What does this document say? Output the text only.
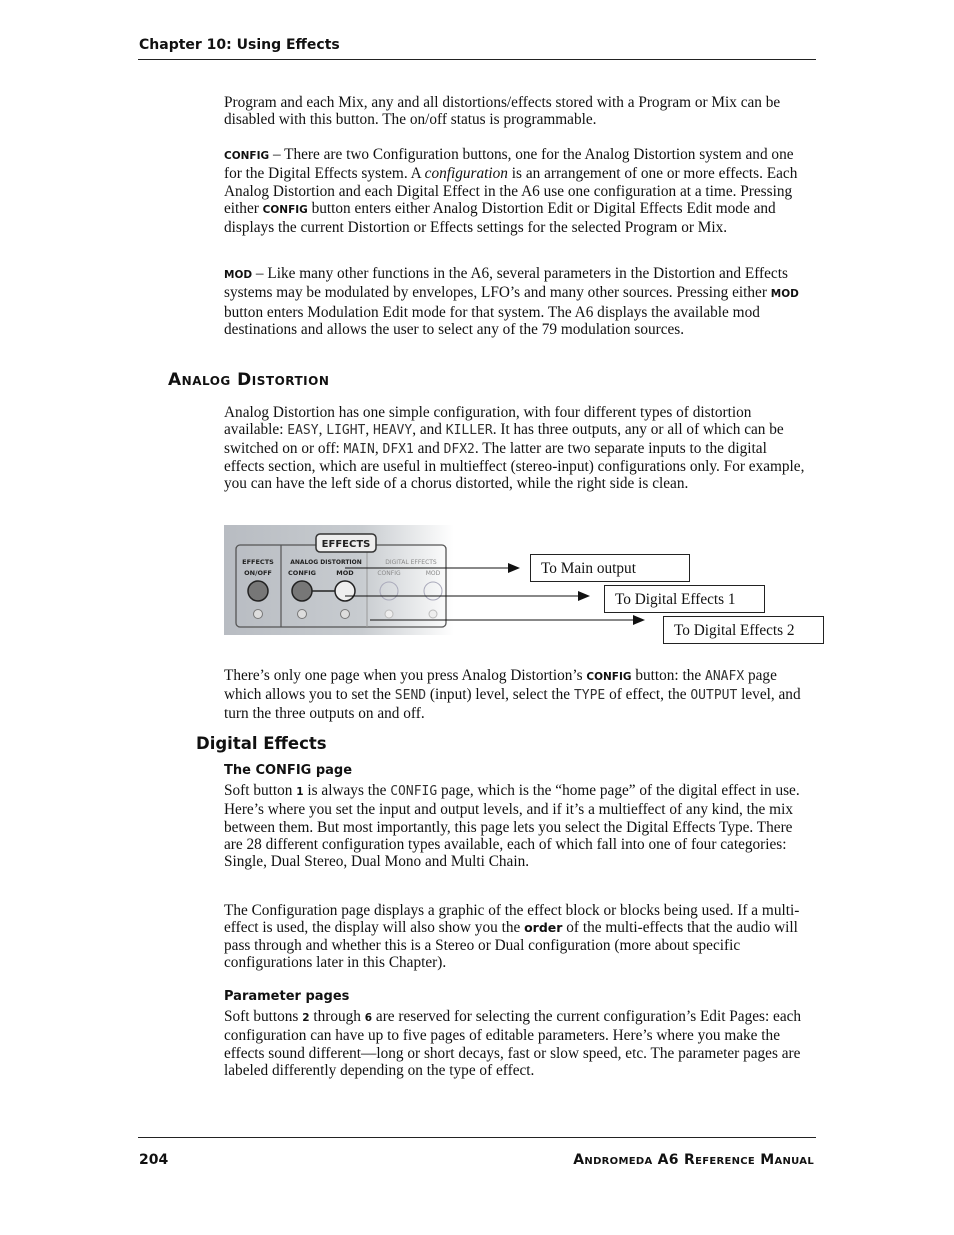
Chapter 10: Using Effects

Program and each Mix, any and all distortions/effects stored with a Program or Mix can be disabled with this button. The on/off status is programmable.

CONFIG – There are two Configuration buttons, one for the Analog Distortion system and one for the Digital Effects system. A configuration is an arrangement of one or more effects. Each Analog Distortion and each Digital Effect in the A6 use one configuration at a time. Pressing either CONFIG button enters either Analog Distortion Edit or Digital Effects Edit mode and displays the current Distortion or Effects settings for the selected Program or Mix.

MOD – Like many other functions in the A6, several parameters in the Distortion and Effects systems may be modulated by envelopes, LFO’s and many other sources. Pressing either MOD button enters Modulation Edit mode for that system. The A6 displays the available mod destinations and allows the user to select any of the 79 modulation sources.

Analog Distortion

Analog Distortion has one simple configuration, with four different types of distortion available: EASY, LIGHT, HEAVY, and KILLER. It has three outputs, any or all of which can be switched on or off: MAIN, DFX1 and DFX2. The latter are two separate inputs to the digital effects section, which are useful in multieffect (stereo-input) configurations only. For example, you can have the left side of a chorus distorted, while the right side is clean.

EFFECTS
EFFECTS
ON/OFF
ANALOG DISTORTION
CONFIG	MOD
DIGITAL EFFECTS
CONFIG	MOD	To Main output
To Digital Effects 1
To Digital Effects 2

There’s only one page when you press Analog Distortion’s CONFIG button: the ANAFX page which allows you to set the SEND (input) level, select the TYPE of effect, the OUTPUT level, and turn the three outputs on and off.

Digital Effects
The CONFIG page

Soft button 1 is always the CONFIG page, which is the “home page” of the digital effect in use. Here’s where you set the input and output levels, and if it’s a multieffect of any kind, the mix between them. But most importantly, this page lets you select the Digital Effects Type. There are 28 different configuration types available, each of which fall into one of four categories: Single, Dual Stereo, Dual Mono and Multi Chain.

The Configuration page displays a graphic of the effect block or blocks being used. If a multi-effect is used, the display will also show you the order of the multi-effects that the audio will pass through and whether this is a Stereo or Dual configuration (more about specific configurations later in this Chapter).

Parameter pages

Soft buttons 2 through 6 are reserved for selecting the current configuration’s Edit Pages: each configuration can have up to five pages of editable parameters. Here’s where you make the effects sound different—long or short decays, fast or slow speed, etc. The parameter pages are labeled differently depending on the type of effect.

204	Andromeda A6 Reference Manual
